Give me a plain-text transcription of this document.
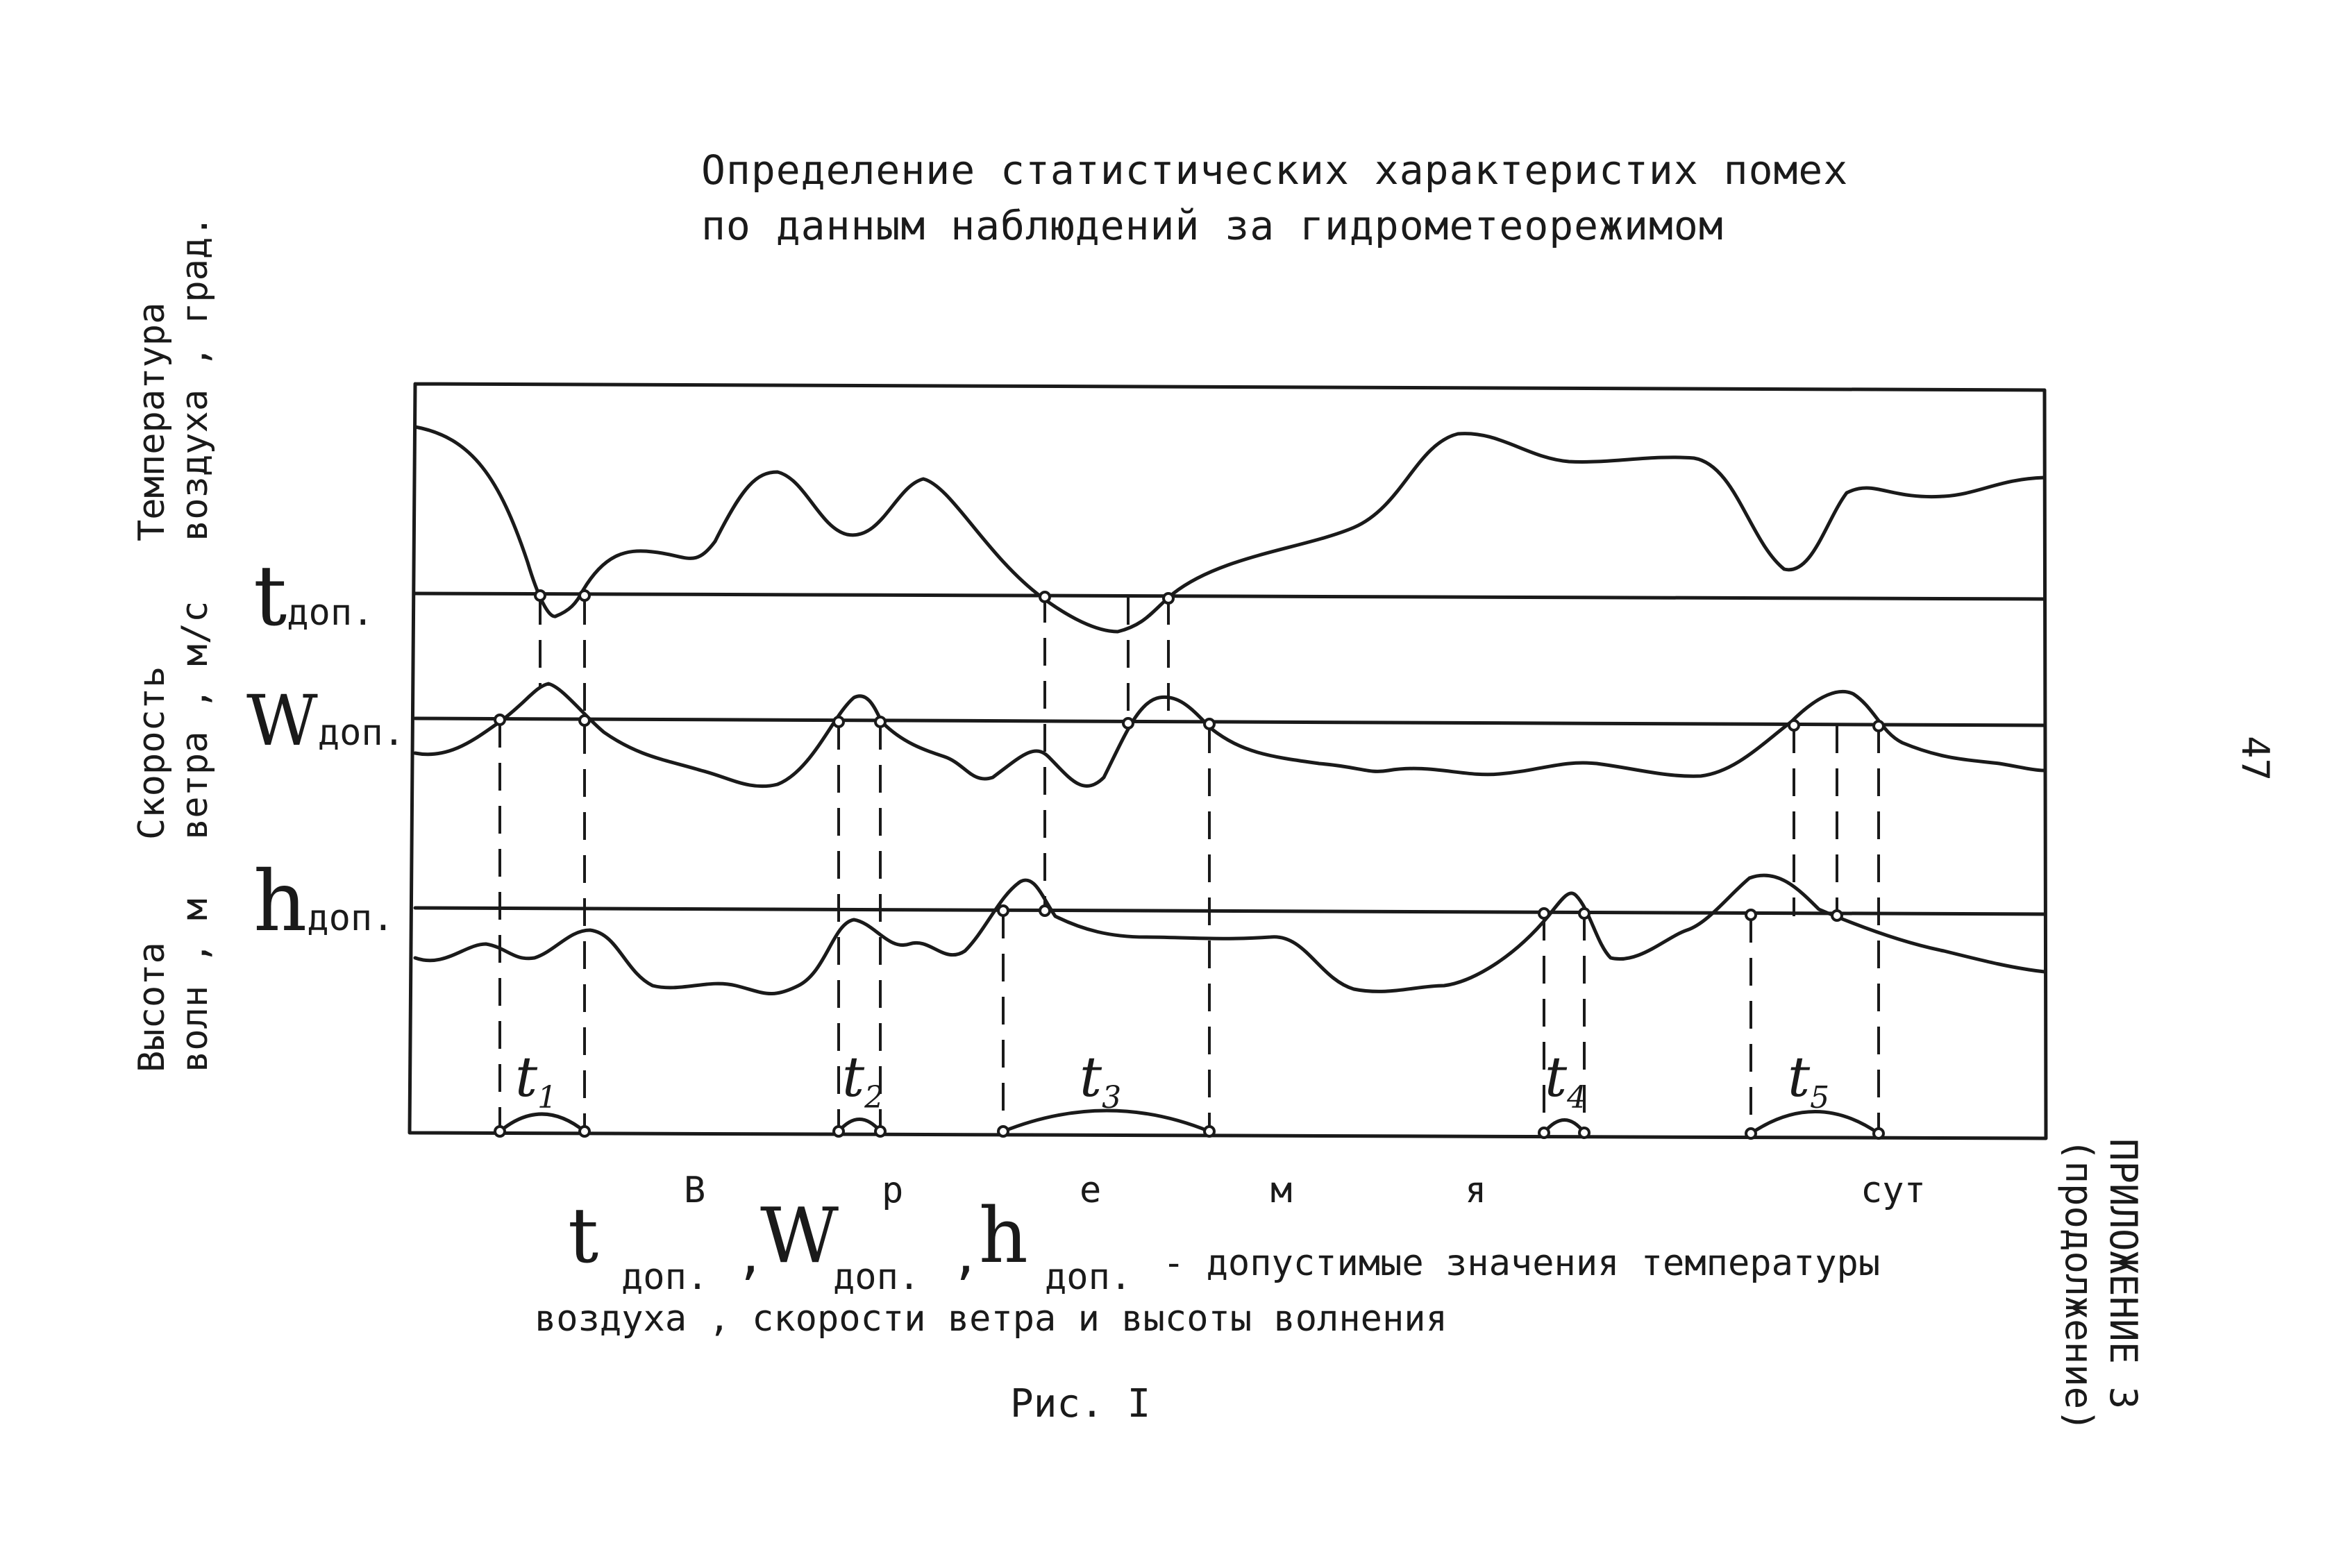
Определение статистических характеристих помех
по данным наблюдений за гидрометеорежимом
Температура
воздуха , град.
Скорость
ветра , м/с
Высота
волн , м
tдоп.
Wдоп.
hдоп.
$t_1$	$t_2$	$t_3$	$t_4$	$t_5$
В	р	е	м	я	сут
t доп. ,
W
доп. ,
h доп. - допустимые значения температуры
воздуха , скорости ветра и высоты волнения
Рис. I	ПРИЛОЖЕНИЕ 3
(продолжение)
47
